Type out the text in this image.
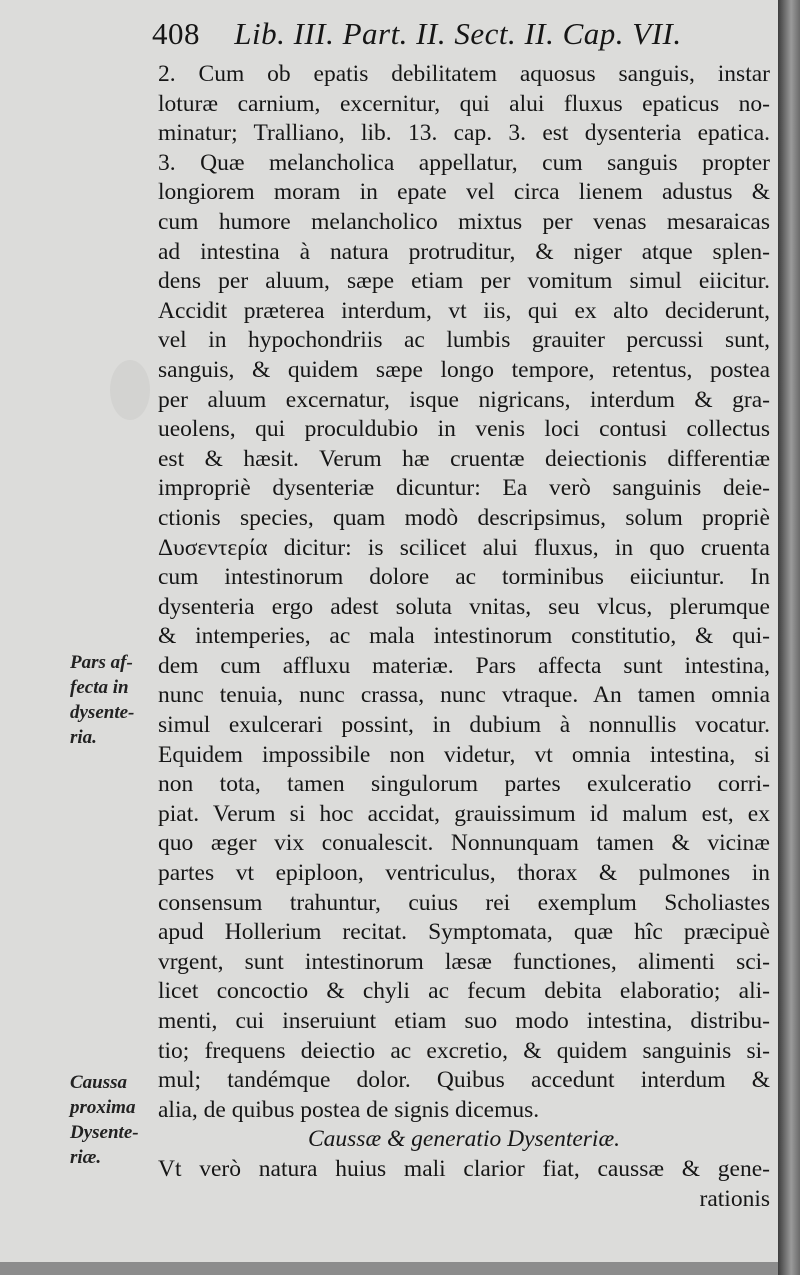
408 Lib. III. Part. II. Sect. II. Cap. VII.
2. Cum ob epatis debilitatem aquosus sanguis, instar
loturæ carnium, excernitur, qui alui fluxus epaticus no-
minatur; Tralliano, lib. 13. cap. 3. est dysenteria epatica.
3. Quæ melancholica appellatur, cum sanguis propter
longiorem moram in epate vel circa lienem adustus &
cum humore melancholico mixtus per venas mesaraicas
ad intestina à natura protruditur, & niger atque splen-
dens per aluum, sæpe etiam per vomitum simul eiicitur.
Accidit præterea interdum, vt iis, qui ex alto deciderunt,
vel in hypochondriis ac lumbis grauiter percussi sunt,
sanguis, & quidem sæpe longo tempore, retentus, postea
per aluum excernatur, isque nigricans, interdum & gra-
ueolens, qui proculdubio in venis loci contusi collectus
est & hæsit. Verum hæ cruentæ deiectionis differentiæ
impropriè dysenteriæ dicuntur: Ea verò sanguinis deie-
ctionis species, quam modò descripsimus, solum propriè
Δυσεντερία dicitur: is scilicet alui fluxus, in quo cruenta
cum intestinorum dolore ac torminibus eiiciuntur. In
dysenteria ergo adest soluta vnitas, seu vlcus, plerumque
& intemperies, ac mala intestinorum constitutio, & qui-
dem cum affluxu materiæ. Pars affecta sunt intestina,
nunc tenuia, nunc crassa, nunc vtraque. An tamen omnia
simul exulcerari possint, in dubium à nonnullis vocatur.
Equidem impossibile non videtur, vt omnia intestina, si
non tota, tamen singulorum partes exulceratio corri-
piat. Verum si hoc accidat, grauissimum id malum est, ex
quo æger vix conualescit. Nonnunquam tamen & vicinæ
partes vt epiploon, ventriculus, thorax & pulmones in
consensum trahuntur, cuius rei exemplum Scholiastes
apud Hollerium recitat. Symptomata, quæ hîc præcipuè
vrgent, sunt intestinorum læsæ functiones, alimenti sci-
licet concoctio & chyli ac fecum debita elaboratio; ali-
menti, cui inseruiunt etiam suo modo intestina, distribu-
tio; frequens deiectio ac excretio, & quidem sanguinis si-
mul; tandémque dolor. Quibus accedunt interdum &
alia, de quibus postea de signis dicemus.
Caussæ & generatio Dysenteriæ.
Vt verò natura huius mali clarior fiat, caussæ & gene-
rationis
Pars af-
fecta in
dysente-
ria.
Caussa
proxima
Dysente-
riæ.
